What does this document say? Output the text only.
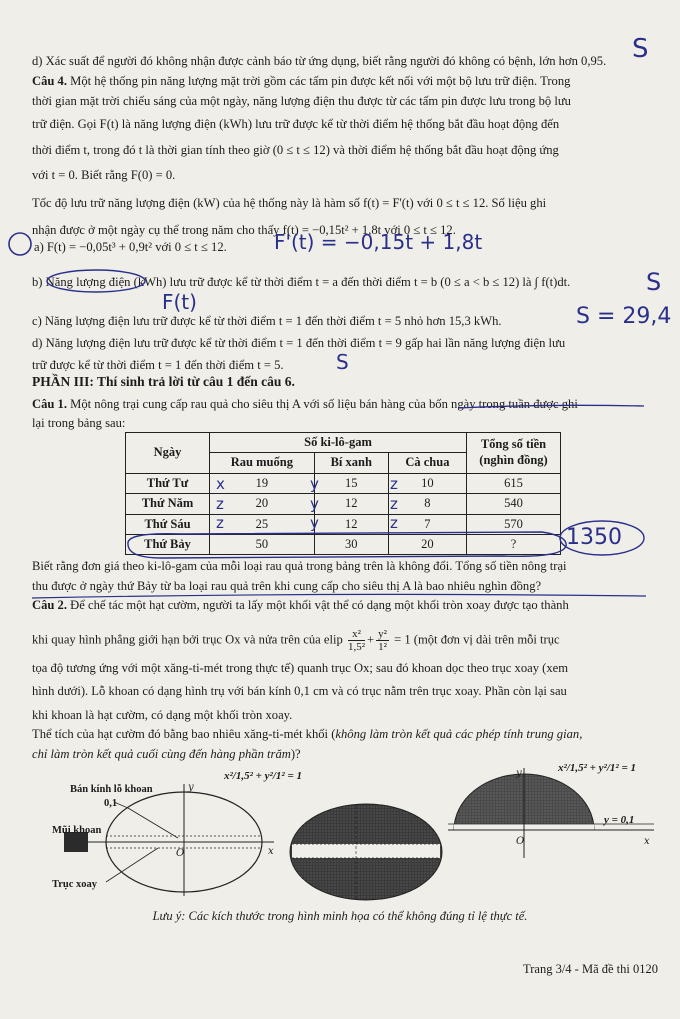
d) Xác suất để người đó không nhận được cảnh báo từ ứng dụng, biết rằng người đó không có bệnh, lớn hơn 0,95. S

Câu 4. Một hệ thống pin năng lượng mặt trời gồm các tấm pin được kết nối với một bộ lưu trữ điện. Trong

thời gian mặt trời chiếu sáng của một ngày, năng lượng điện thu được từ các tấm pin được lưu trong bộ lưu

trữ điện. Gọi F(t) là năng lượng điện (kWh) lưu trữ được kể từ thời điểm hệ thống bắt đầu hoạt động đến

thời điểm t, trong đó t là thời gian tính theo giờ (0 ≤ t ≤ 12) và thời điểm hệ thống bắt đầu hoạt động ứng

với t = 0. Biết rằng F(0) = 0.

Tốc độ lưu trữ năng lượng điện (kW) của hệ thống này là hàm số f(t) = F'(t) với 0 ≤ t ≤ 12. Số liệu ghi

nhận được ở một ngày cụ thể trong năm cho thấy f(t) = −0,15t² + 1,8t với 0 ≤ t ≤ 12.

a) F(t) = −0,05t³ + 0,9t² với 0 ≤ t ≤ 12.	F'(t) = −0,15t + 1,8t

b) Năng lượng điện (kWh) lưu trữ được kể từ thời điểm t = a đến thời điểm t = b (0 ≤ a < b ≤ 12) là ∫ f(t)dt.

F(t)
S

c) Năng lượng điện lưu trữ được kể từ thời điểm t = 1 đến thời điểm t = 5 nhỏ hơn 15,3 kWh.	S = 29,4

d) Năng lượng điện lưu trữ được kể từ thời điểm t = 1 đến thời điểm t = 9 gấp hai lần năng lượng điện lưu

trữ được kể từ thời điểm t = 1 đến thời điểm t = 5.	S

PHẦN III: Thí sinh trả lời từ câu 1 đến câu 6.

Câu 1. Một nông trại cung cấp rau quả cho siêu thị A với số liệu bán hàng của bốn ngày trong tuần được ghi

lại trong bảng sau:

Ngày	Số ki-lô-gam			Tổng số tiền (nghìn đồng)
	Rau muống	Bí xanh	Cà chua	
Thứ Tư	19	15	10	615
Thứ Năm	20	12	8	540
Thứ Sáu	25	12	7	570
Thứ Bảy	50	30	20	?
x
z
z
y
y
y
z
z
z
1350

Biết rằng đơn giá theo ki-lô-gam của mỗi loại rau quả trong bảng trên là không đổi. Tổng số tiền nông trại

thu được ở ngày thứ Bảy từ ba loại rau quả trên khi cung cấp cho siêu thị A là bao nhiêu nghìn đồng?

Câu 2. Để chế tác một hạt cườm, người ta lấy một khối vật thể có dạng một khối tròn xoay được tạo thành

khi quay hình phẳng giới hạn bởi trục Ox và nửa trên của elip $\frac{\text{x²}}{\text{1,5²}} + \frac{\text{y²}}{\text{1²}} = 1$ (một đơn vị dài trên mỗi trục

tọa độ tương ứng với một xăng-ti-mét trong thực tế) quanh trục Ox; sau đó khoan dọc theo trục xoay (xem

hình dưới). Lỗ khoan có dạng hình trụ với bán kính 0,1 cm và có trục nằm trên trục xoay. Phần còn lại sau

khi khoan là hạt cườm, có dạng một khối tròn xoay.

Thể tích của hạt cườm đó bằng bao nhiêu xăng-ti-mét khối (không làm tròn kết quả các phép tính trung gian,

chỉ làm tròn kết quả cuối cùng đến hàng phần trăm)?

y
x
O
Bán kính lỗ khoan
0,1
Mũi khoan
Trục xoay
x²/1,5² + y²/1² = 1	y
x
O
x²/1,5² + y²/1² = 1
y = 0,1
Lưu ý: Các kích thước trong hình minh họa có thể không đúng tỉ lệ thực tế.
Trang 3/4 - Mã đề thi 0120
